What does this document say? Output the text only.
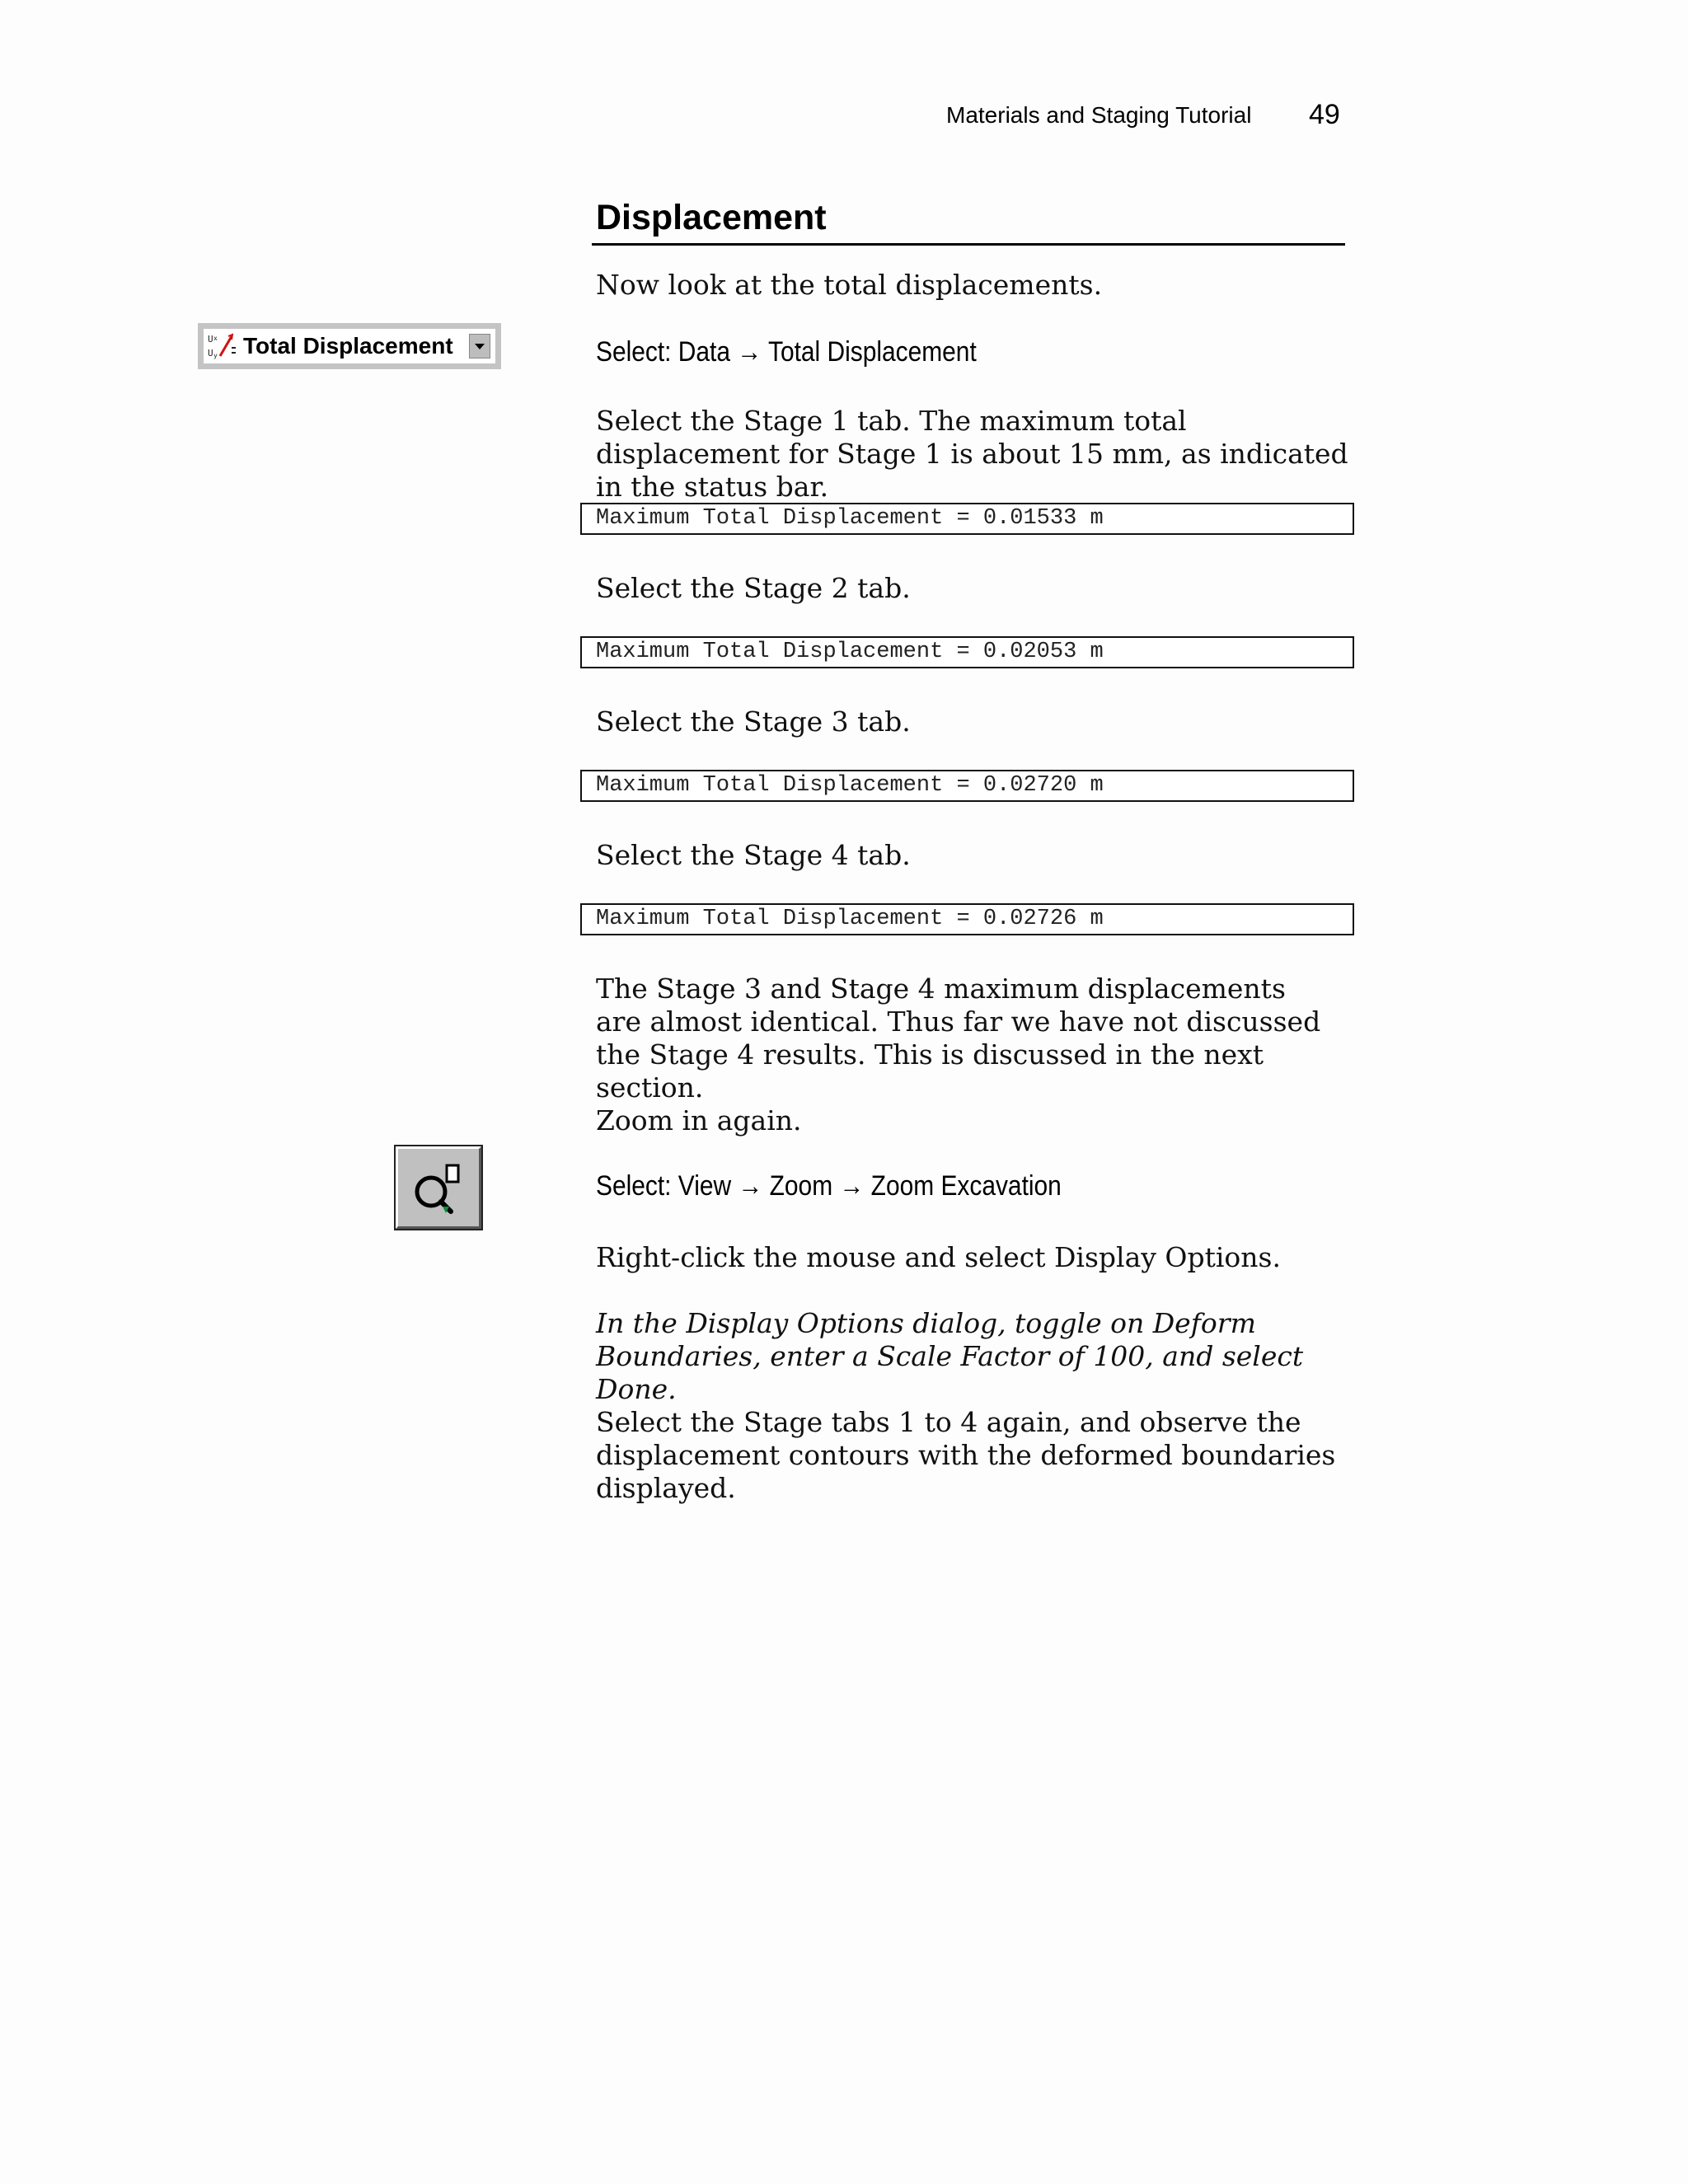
Materials and Staging Tutorial 49
Displacement
U x
U y Total Displacement

Now look at the total displacements.

Select: Data → Total Displacement

Select the Stage 1 tab. The maximum total displacement for Stage 1 is about 15 mm, as indicated in the status bar.

Maximum Total Displacement = 0.01533 m

Select the Stage 2 tab.

Maximum Total Displacement = 0.02053 m

Select the Stage 3 tab.

Maximum Total Displacement = 0.02720 m

Select the Stage 4 tab.

Maximum Total Displacement = 0.02726 m

The Stage 3 and Stage 4 maximum displacements are almost identical. Thus far we have not discussed the Stage 4 results. This is discussed in the next section.

Zoom in again.

Select: View → Zoom → Zoom Excavation

Right-click the mouse and select Display Options.

In the Display Options dialog, toggle on Deform Boundaries, enter a Scale Factor of 100, and select Done.

Select the Stage tabs 1 to 4 again, and observe the displacement contours with the deformed boundaries displayed.
